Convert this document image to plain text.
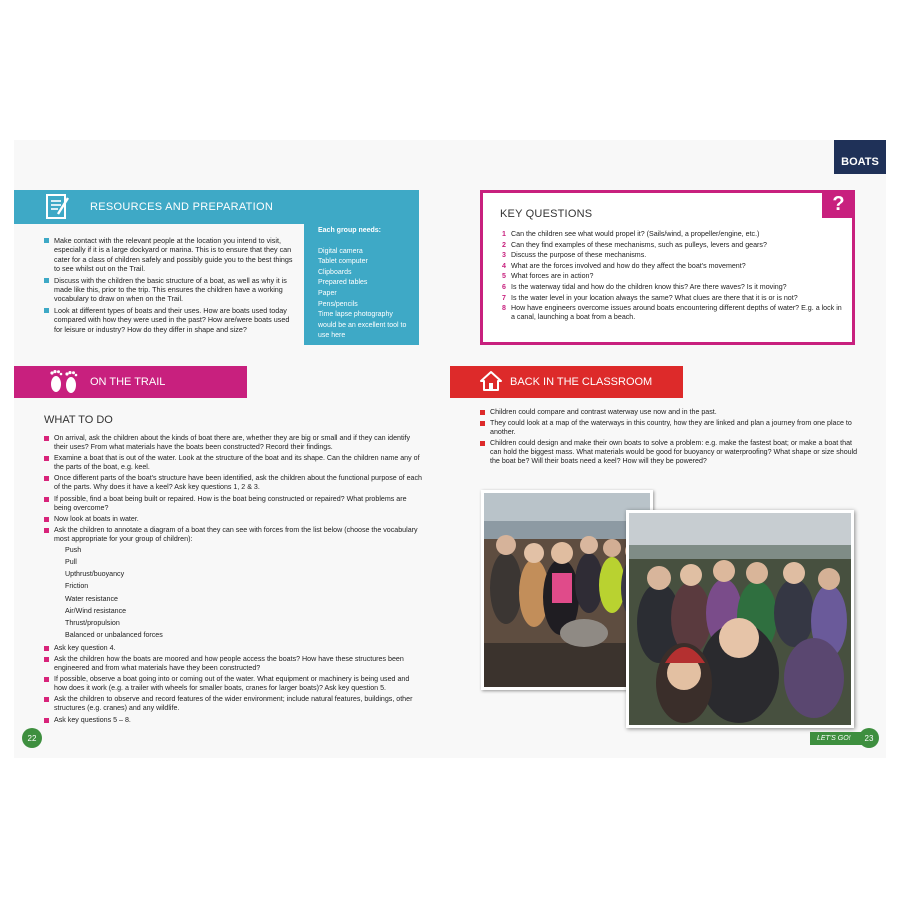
BOATS
RESOURCES AND PREPARATION
Make contact with the relevant people at the location you intend to visit, especially if it is a large dockyard or marina. This is to ensure that they can cater for a class of children safely and possibly guide you to the best things to see whilst out on the Trail.
Discuss with the children the basic structure of a boat, as well as why it is made like this, prior to the trip. This ensures the children have a working vocabulary to draw on when on the Trail.
Look at different types of boats and their uses. How are boats used today compared with how they were used in the past? How are/were boats used for leisure or industry? How do they differ in shape and size?
Each group needs:
Digital camera
Tablet computer
Clipboards
Prepared tables
Paper
Pens/pencils
Time lapse photography would be an excellent tool to use here
?
KEY QUESTIONS
1 Can the children see what would propel it? (Sails/wind, a propeller/engine, etc.)
2 Can they find examples of these mechanisms, such as pulleys, levers and gears?
3 Discuss the purpose of these mechanisms.
4 What are the forces involved and how do they affect the boat's movement?
5 What forces are in action?
6 Is the waterway tidal and how do the children know this? Are there waves? Is it moving?
7 Is the water level in your location always the same? What clues are there that it is or is not?
8 How have engineers overcome issues around boats encountering different depths of water? E.g. a lock in a canal, launching a boat from a beach.
ON THE TRAIL
WHAT TO DO
On arrival, ask the children about the kinds of boat there are, whether they are big or small and if they can identify their uses? From what materials have the boats been constructed? Record their findings.
Examine a boat that is out of the water. Look at the structure of the boat and its shape. Can the children name any of the parts of the boat, e.g. keel.
Once different parts of the boat's structure have been identified, ask the children about the functional purpose of each of the parts. Why does it have a keel? Ask key questions 1, 2 & 3.
If possible, find a boat being built or repaired. How is the boat being constructed or repaired? What problems are being overcome?
Now look at boats in water.
Ask the children to annotate a diagram of a boat they can see with forces from the list below (choose the vocabulary most appropriate for your group of children):
Push
Pull
Upthrust/buoyancy
Friction
Water resistance
Air/Wind resistance
Thrust/propulsion
Balanced or unbalanced forces
Ask key question 4.
Ask the children how the boats are moored and how people access the boats? How have these structures been engineered and from what materials have they been constructed?
If possible, observe a boat going into or coming out of the water. What equipment or machinery is being used and how does it work (e.g. a trailer with wheels for smaller boats, cranes for larger boats)? Ask key question 5.
Ask the children to observe and record features of the wider environment; include natural features, buildings, other structures (e.g. cranes) and any wildlife.
Ask key questions 5 – 8.
BACK IN THE CLASSROOM
Children could compare and contrast waterway use now and in the past.
They could look at a map of the waterways in this country, how they are linked and plan a journey from one place to another.
Children could design and make their own boats to solve a problem: e.g. make the fastest boat; or make a boat that can hold the biggest mass. What materials would be good for buoyancy or waterproofing? What shape or size should the boat be? Will their boats need a keel? How will they be powered?
22	LET'S GO!	23
